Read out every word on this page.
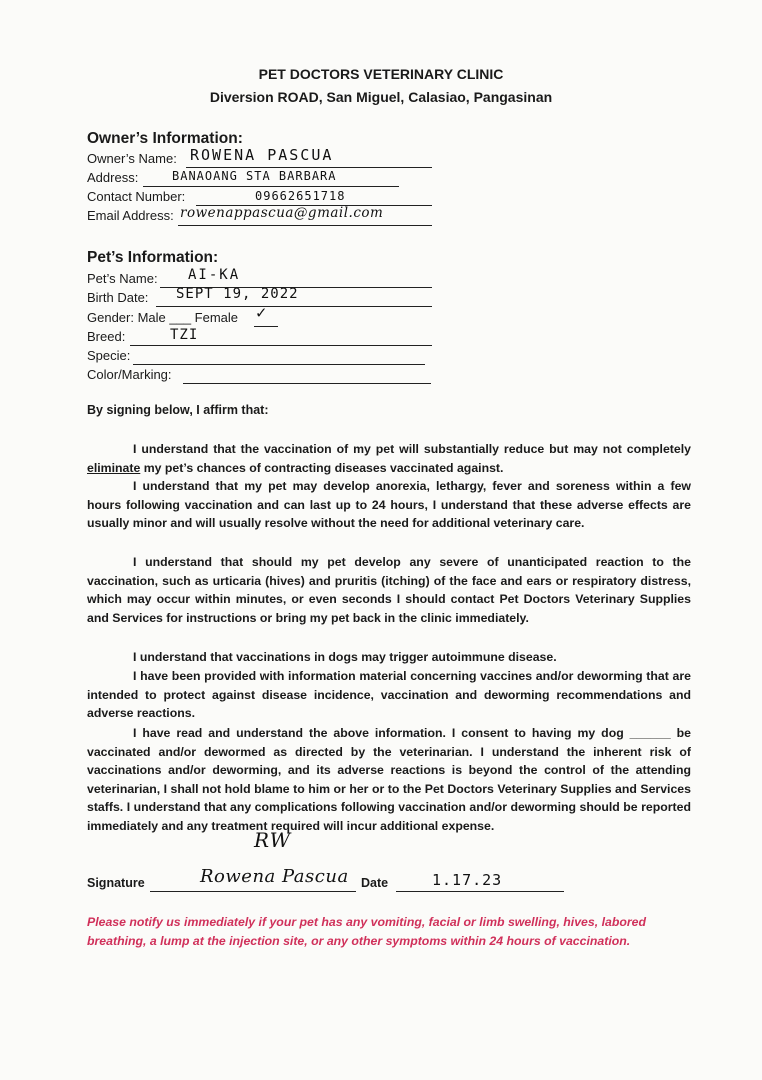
PET DOCTORS VETERINARY CLINIC
Diversion ROAD, San Miguel, Calasiao, Pangasinan
Owner’s Information:
Owner’s Name: ROWENA PASCUA
Address:	BANAOANG STA BARBARA
Contact Number:	09662651718
Email Address: rowenappascua@gmail.com
Pet’s Information:
Pet’s Name: AI-KA
Birth Date: SEPT 19, 2022
Gender: Male ___ Female ✓
Breed:	TZI
Specie:
Color/Marking:
By signing below, I affirm that:
I understand that the vaccination of my pet will substantially reduce but may not completely eliminate my pet’s chances of contracting diseases vaccinated against.
I understand that my pet may develop anorexia, lethargy, fever and soreness within a few hours following vaccination and can last up to 24 hours, I understand that these adverse effects are usually minor and will usually resolve without the need for additional veterinary care.
I understand that should my pet develop any severe of unanticipated reaction to the vaccination, such as urticaria (hives) and pruritis (itching) of the face and ears or respiratory distress, which may occur within minutes, or even seconds I should contact Pet Doctors Veterinary Supplies and Services for instructions or bring my pet back in the clinic immediately.
I understand that vaccinations in dogs may trigger autoimmune disease.
I have been provided with information material concerning vaccines and/or deworming that are intended to protect against disease incidence, vaccination and deworming recommendations and adverse reactions.
I have read and understand the above information. I consent to having my dog ______ be vaccinated and/or dewormed as directed by the veterinarian. I understand the inherent risk of vaccinations and/or deworming, and its adverse reactions is beyond the control of the attending veterinarian, I shall not hold blame to him or her or to the Pet Doctors Veterinary Supplies and Services staffs. I understand that any complications following vaccination and/or deworming should be reported immediately and any treatment required will incur additional expense.
RW
Signature	Rowena Pascua Date	1.17.23
Please notify us immediately if your pet has any vomiting, facial or limb swelling, hives, labored breathing, a lump at the injection site, or any other symptoms within 24 hours of vaccination.
